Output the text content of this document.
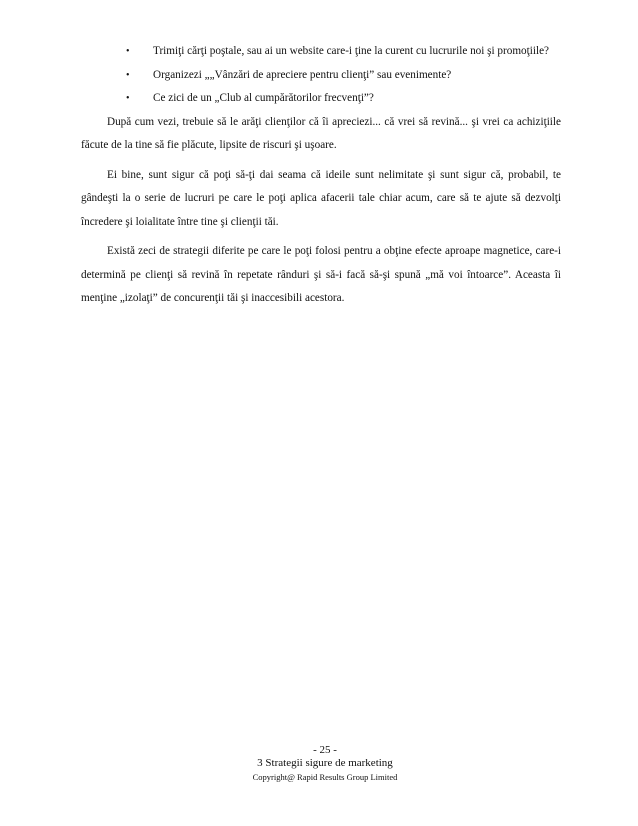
• Trimiţi cărţi poştale, sau ai un website care-i ţine la curent cu lucrurile noi şi promoţiile?
• Organizezi „„Vânzări de apreciere pentru clienţi” sau evenimente?
• Ce zici de un „Club al cumpărătorilor frecvenţi”?

După cum vezi, trebuie să le arăţi clienţilor că îi apreciezi... că vrei să revină... şi vrei ca achiziţiile făcute de la tine să fie plăcute, lipsite de riscuri şi uşoare.

Ei bine, sunt sigur că poţi să-ţi dai seama că ideile sunt nelimitate şi sunt sigur că, probabil, te gândeşti la o serie de lucruri pe care le poţi aplica afacerii tale chiar acum, care să te ajute să dezvolţi încredere şi loialitate între tine şi clienţii tăi.

Există zeci de strategii diferite pe care le poţi folosi pentru a obţine efecte aproape magnetice, care-i determină pe clienţi să revină în repetate rânduri şi să-i facă să-şi spună „mă voi întoarce”. Aceasta îi menţine „izolaţi” de concurenţii tăi şi inaccesibili acestora.

- 25 -
3 Strategii sigure de marketing
Copyright@ Rapid Results Group Limited
